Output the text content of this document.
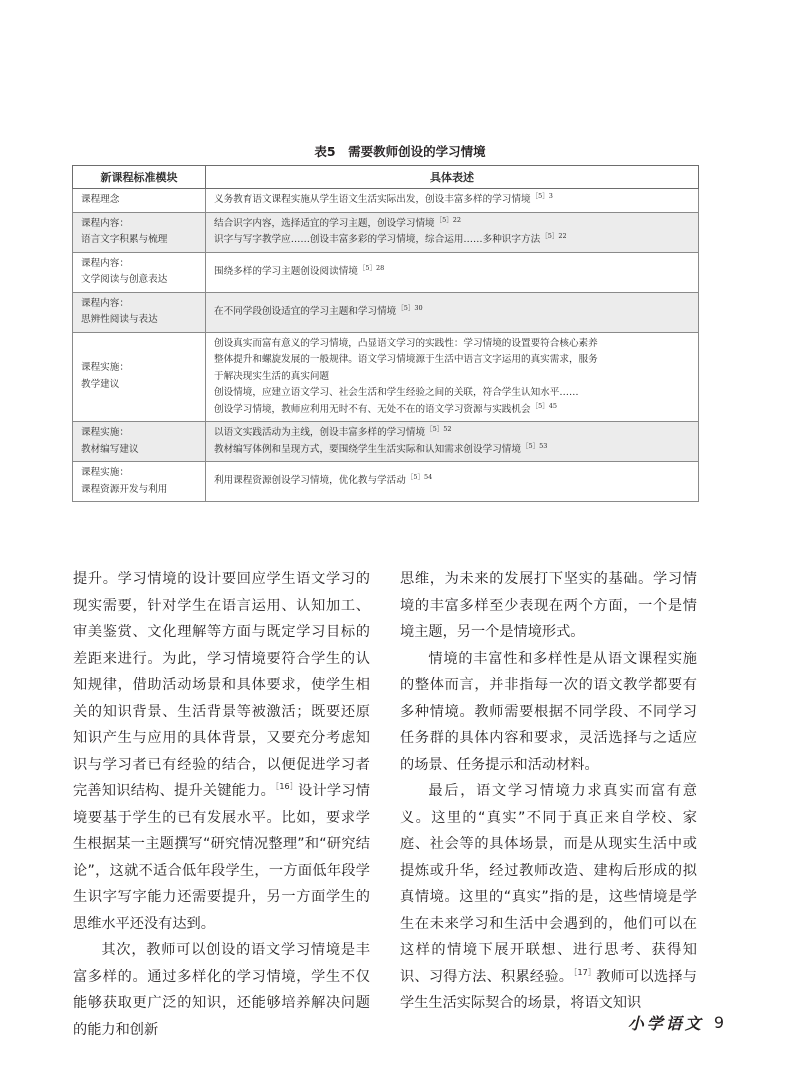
表5　需要教师创设的学习情境
新课程标准模块	具体表述

课程理念	义务教育语文课程实施从学生语文生活实际出发，创设丰富多样的学习情境$^{[5]3}$

课程内容：
语言文字积累与梳理	结合识字内容，选择适宜的学习主题，创设学习情境$^{[5]22}$
识字与写字教学应……创设丰富多彩的学习情境，综合运用……多种识字方法$^{[5]22}$

课程内容：
文学阅读与创意表达	围绕多样的学习主题创设阅读情境$^{[5]28}$

课程内容：
思辨性阅读与表达	在不同学段创设适宜的学习主题和学习情境$^{[5]30}$

课程实施：
教学建议	创设真实而富有意义的学习情境，凸显语文学习的实践性：学习情境的设置要符合核心素养
整体提升和螺旋发展的一般规律。语文学习情境源于生活中语言文字运用的真实需求，服务
于解决现实生活的真实问题
创设情境，应建立语文学习、社会生活和学生经验之间的关联，符合学生认知水平……
创设学习情境，教师应利用无时不有、无处不在的语文学习资源与实践机会$^{[5]45}$

课程实施：
教材编写建议	以语文实践活动为主线，创设丰富多样的学习情境$^{[5]52}$
教材编写体例和呈现方式，要围绕学生生活实际和认知需求创设学习情境$^{[5]53}$

课程实施：
课程资源开发与利用	利用课程资源创设学习情境，优化教与学活动$^{[5]54}$

提升。学习情境的设计要回应学生语文学习的现实需要，针对学生在语言运用、认知加工、审美鉴赏、文化理解等方面与既定学习目标的差距来进行。为此，学习情境要符合学生的认知规律，借助活动场景和具体要求，使学生相关的知识背景、生活背景等被激活；既要还原知识产生与应用的具体背景，又要充分考虑知识与学习者已有经验的结合，以便促进学习者完善知识结构、提升关键能力。$^{[16]}$设计学习情境要基于学生的已有发展水平。比如，要求学生根据某一主题撰写“研究情况整理”和“研究结论”，这就不适合低年段学生，一方面低年段学生识字写字能力还需要提升，另一方面学生的思维水平还没有达到。

其次，教师可以创设的语文学习情境是丰富多样的。通过多样化的学习情境，学生不仅能够获取更广泛的知识，还能够培养解决问题的能力和创新

思维，为未来的发展打下坚实的基础。学习情境的丰富多样至少表现在两个方面，一个是情境主题，另一个是情境形式。

情境的丰富性和多样性是从语文课程实施的整体而言，并非指每一次的语文教学都要有多种情境。教师需要根据不同学段、不同学习任务群的具体内容和要求，灵活选择与之适应的场景、任务提示和活动材料。

最后，语文学习情境力求真实而富有意义。这里的“真实”不同于真正来自学校、家庭、社会等的具体场景，而是从现实生活中或提炼或升华，经过教师改造、建构后形成的拟真情境。这里的“真实”指的是，这些情境是学生在未来学习和生活中会遇到的，他们可以在这样的情境下展开联想、进行思考、获得知识、习得方法、积累经验。$^{[17]}$教师可以选择与学生生活实际契合的场景，将语文知识

小学语文 9
